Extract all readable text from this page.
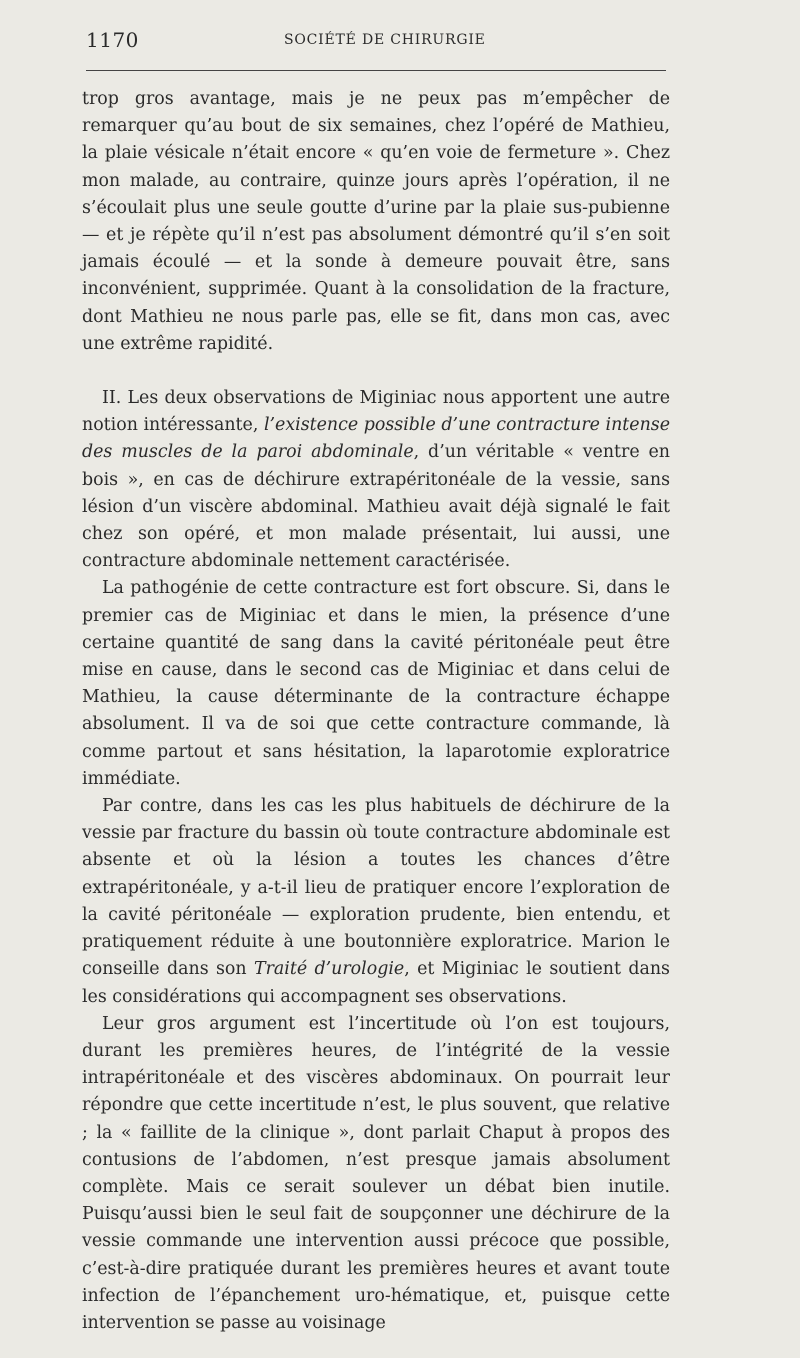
1170	SOCIÉTÉ DE CHIRURGIE

trop gros avantage, mais je ne peux pas m’empêcher de remarquer qu’au bout de six semaines, chez l’opéré de Mathieu, la plaie vésicale n’était encore « qu’en voie de fermeture ». Chez mon malade, au contraire, quinze jours après l’opération, il ne s’écoulait plus une seule goutte d’urine par la plaie sus-pubienne — et je répète qu’il n’est pas absolument démontré qu’il s’en soit jamais écoulé — et la sonde à demeure pouvait être, sans inconvénient, supprimée. Quant à la consolidation de la fracture, dont Mathieu ne nous parle pas, elle se fit, dans mon cas, avec une extrême rapidité.

II. Les deux observations de Miginiac nous apportent une autre notion intéressante, l’existence possible d’une contracture intense des muscles de la paroi abdominale, d’un véritable « ventre en bois », en cas de déchirure extrapéritonéale de la vessie, sans lésion d’un viscère abdominal. Mathieu avait déjà signalé le fait chez son opéré, et mon malade présentait, lui aussi, une contracture abdominale nettement caractérisée.

La pathogénie de cette contracture est fort obscure. Si, dans le premier cas de Miginiac et dans le mien, la présence d’une certaine quantité de sang dans la cavité péritonéale peut être mise en cause, dans le second cas de Miginiac et dans celui de Mathieu, la cause déterminante de la contracture échappe absolument. Il va de soi que cette contracture commande, là comme partout et sans hésitation, la laparotomie exploratrice immédiate.

Par contre, dans les cas les plus habituels de déchirure de la vessie par fracture du bassin où toute contracture abdominale est absente et où la lésion a toutes les chances d’être extrapéritonéale, y a-t-il lieu de pratiquer encore l’exploration de la cavité péritonéale — exploration prudente, bien entendu, et pratiquement réduite à une boutonnière exploratrice. Marion le conseille dans son Traité d’urologie, et Miginiac le soutient dans les considérations qui accompagnent ses observations.

Leur gros argument est l’incertitude où l’on est toujours, durant les premières heures, de l’intégrité de la vessie intrapéritonéale et des viscères abdominaux. On pourrait leur répondre que cette incertitude n’est, le plus souvent, que relative ; la « faillite de la clinique », dont parlait Chaput à propos des contusions de l’abdomen, n’est presque jamais absolument complète. Mais ce serait soulever un débat bien inutile. Puisqu’aussi bien le seul fait de soupçonner une déchirure de la vessie commande une intervention aussi précoce que possible, c’est-à-dire pratiquée durant les premières heures et avant toute infection de l’épanchement uro-hématique, et, puisque cette intervention se passe au voisinage
